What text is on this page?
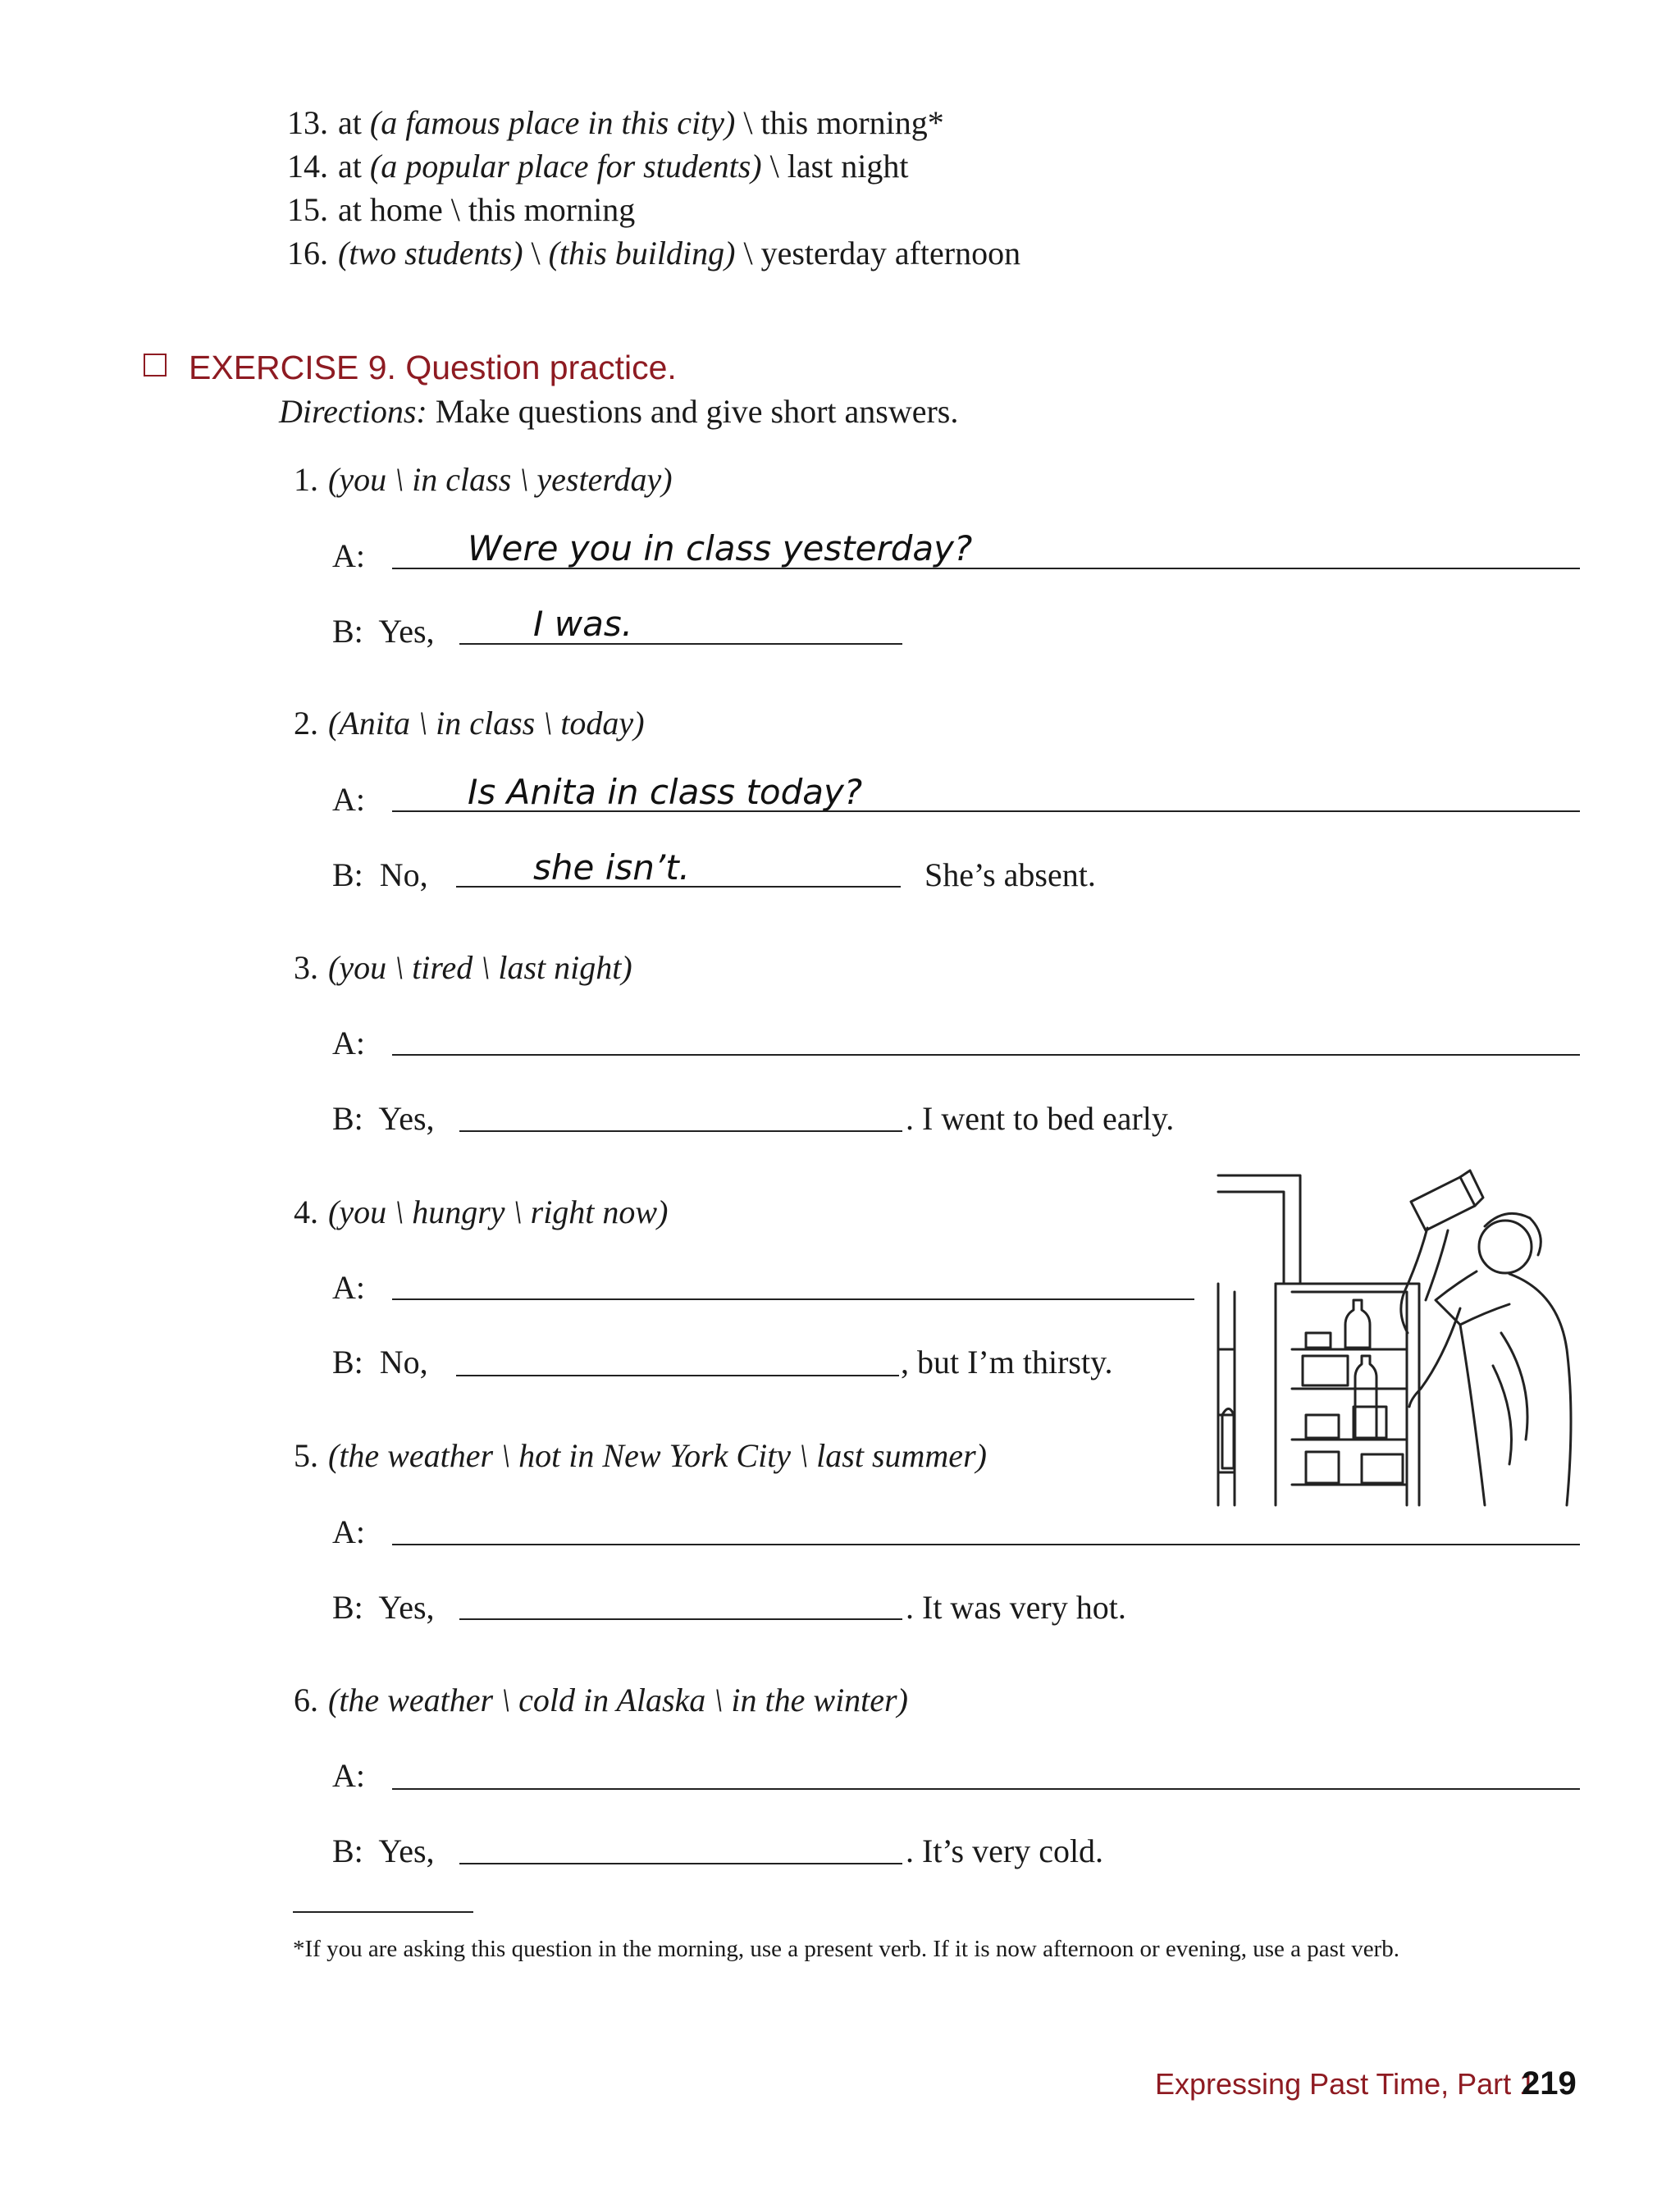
13. at (a famous place in this city) \ this morning*
14. at (a popular place for students) \ last night
15. at home \ this morning
16. (two students) \ (this building) \ yesterday afternoon
EXERCISE 9. Question practice.
Directions: Make questions and give short answers.
1. (you \ in class \ yesterday)
A:	Were you in class yesterday?
B: Yes,	I was.
2. (Anita \ in class \ today)
A:	Is Anita in class today?
B: No,	she isn’t.	She’s absent.
3. (you \ tired \ last night)
A:
B: Yes,	. I went to bed early.
4. (you \ hungry \ right now)
A:
B: No,	, but I’m thirsty.
5. (the weather \ hot in New York City \ last summer)
A:
B: Yes,	. It was very hot.
6. (the weather \ cold in Alaska \ in the winter)
A:
B: Yes,	. It’s very cold.
*If you are asking this question in the morning, use a present verb. If it is now afternoon or evening, use a past verb.
Expressing Past Time, Part 1
219
